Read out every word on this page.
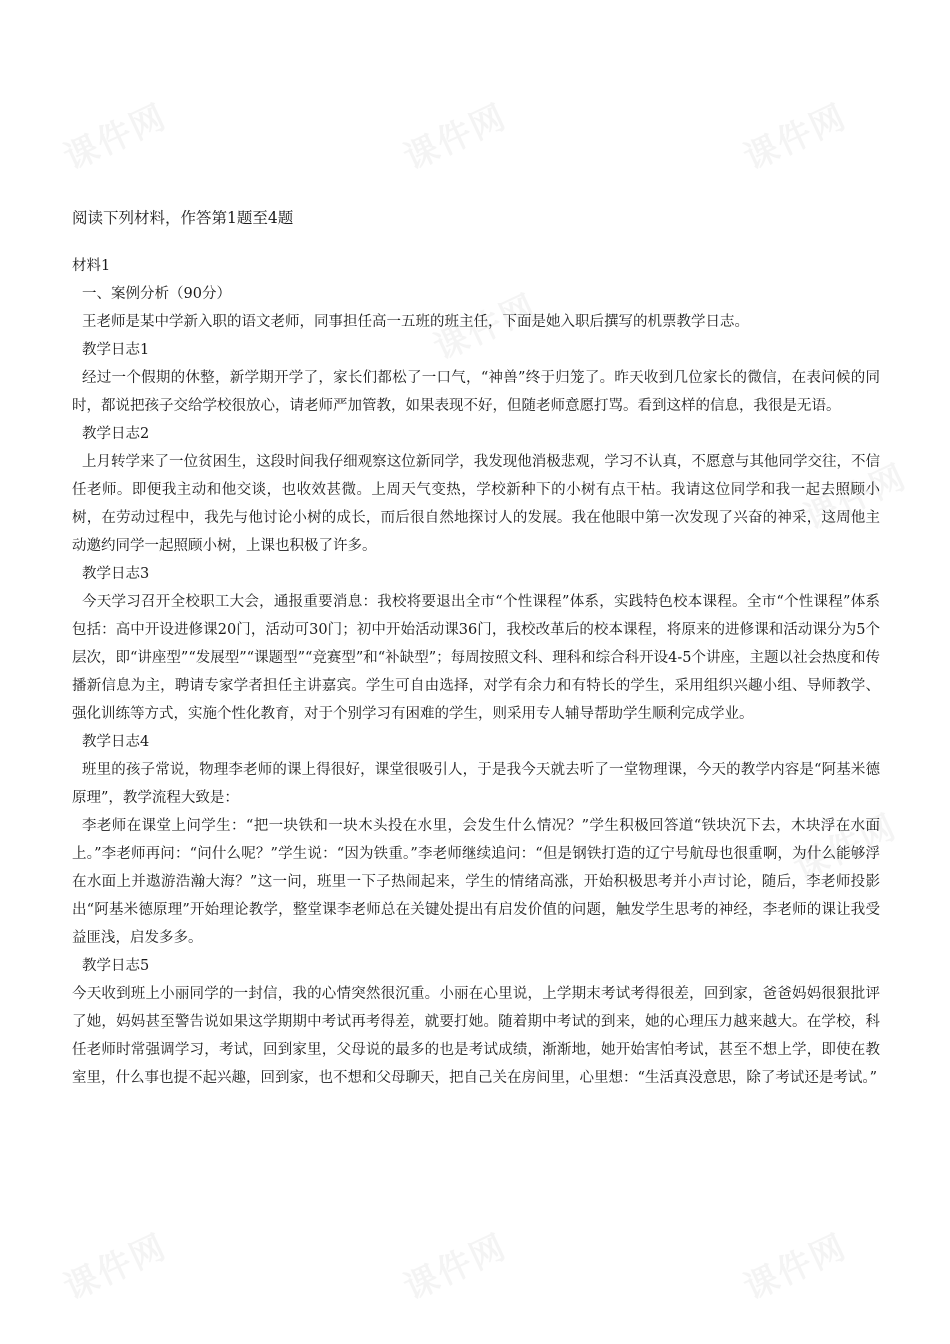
阅读下列材料，作答第1题至4题

材料1

一、案例分析（90分）

王老师是某中学新入职的语文老师，同事担任高一五班的班主任，下面是她入职后撰写的机票教学日志。

教学日志1

经过一个假期的休整，新学期开学了，家长们都松了一口气，“神兽”终于归笼了。昨天收到几位家长的微信，在表问候的同时，都说把孩子交给学校很放心，请老师严加管教，如果表现不好，但随老师意愿打骂。看到这样的信息，我很是无语。

教学日志2

上月转学来了一位贫困生，这段时间我仔细观察这位新同学，我发现他消极悲观，学习不认真，不愿意与其他同学交往，不信任老师。即便我主动和他交谈，也收效甚微。上周天气变热，学校新种下的小树有点干枯。我请这位同学和我一起去照顾小树，在劳动过程中，我先与他讨论小树的成长，而后很自然地探讨人的发展。我在他眼中第一次发现了兴奋的神采，这周他主动邀约同学一起照顾小树，上课也积极了许多。

教学日志3

今天学习召开全校职工大会，通报重要消息：我校将要退出全市“个性课程”体系，实践特色校本课程。全市“个性课程”体系包括：高中开设进修课20门，活动可30门；初中开始活动课36门，我校改革后的校本课程，将原来的进修课和活动课分为5个层次，即“讲座型”“发展型”“课题型”“竞赛型”和“补缺型”；每周按照文科、理科和综合科开设4-5个讲座，主题以社会热度和传播新信息为主，聘请专家学者担任主讲嘉宾。学生可自由选择，对学有余力和有特长的学生，采用组织兴趣小组、导师教学、强化训练等方式，实施个性化教育，对于个别学习有困难的学生，则采用专人辅导帮助学生顺利完成学业。

教学日志4

班里的孩子常说，物理李老师的课上得很好，课堂很吸引人，于是我今天就去听了一堂物理课，今天的教学内容是“阿基米德原理”，教学流程大致是：

李老师在课堂上问学生：“把一块铁和一块木头投在水里，会发生什么情况？”学生积极回答道“铁块沉下去，木块浮在水面上。”李老师再问：“问什么呢？”学生说：“因为铁重。”李老师继续追问：“但是钢铁打造的辽宁号航母也很重啊，为什么能够浮在水面上并遨游浩瀚大海？”这一问，班里一下子热闹起来，学生的情绪高涨，开始积极思考并小声讨论，随后，李老师投影出“阿基米德原理”开始理论教学，整堂课李老师总在关键处提出有启发价值的问题，触发学生思考的神经，李老师的课让我受益匪浅，启发多多。

教学日志5

今天收到班上小丽同学的一封信，我的心情突然很沉重。小丽在心里说，上学期末考试考得很差，回到家，爸爸妈妈很狠批评了她，妈妈甚至警告说如果这学期期中考试再考得差，就要打她。随着期中考试的到来，她的心理压力越来越大。在学校，科任老师时常强调学习，考试，回到家里，父母说的最多的也是考试成绩，渐渐地，她开始害怕考试，甚至不想上学，即使在教室里，什么事也提不起兴趣，回到家，也不想和父母聊天，把自己关在房间里，心里想：“生活真没意思，除了考试还是考试。”
